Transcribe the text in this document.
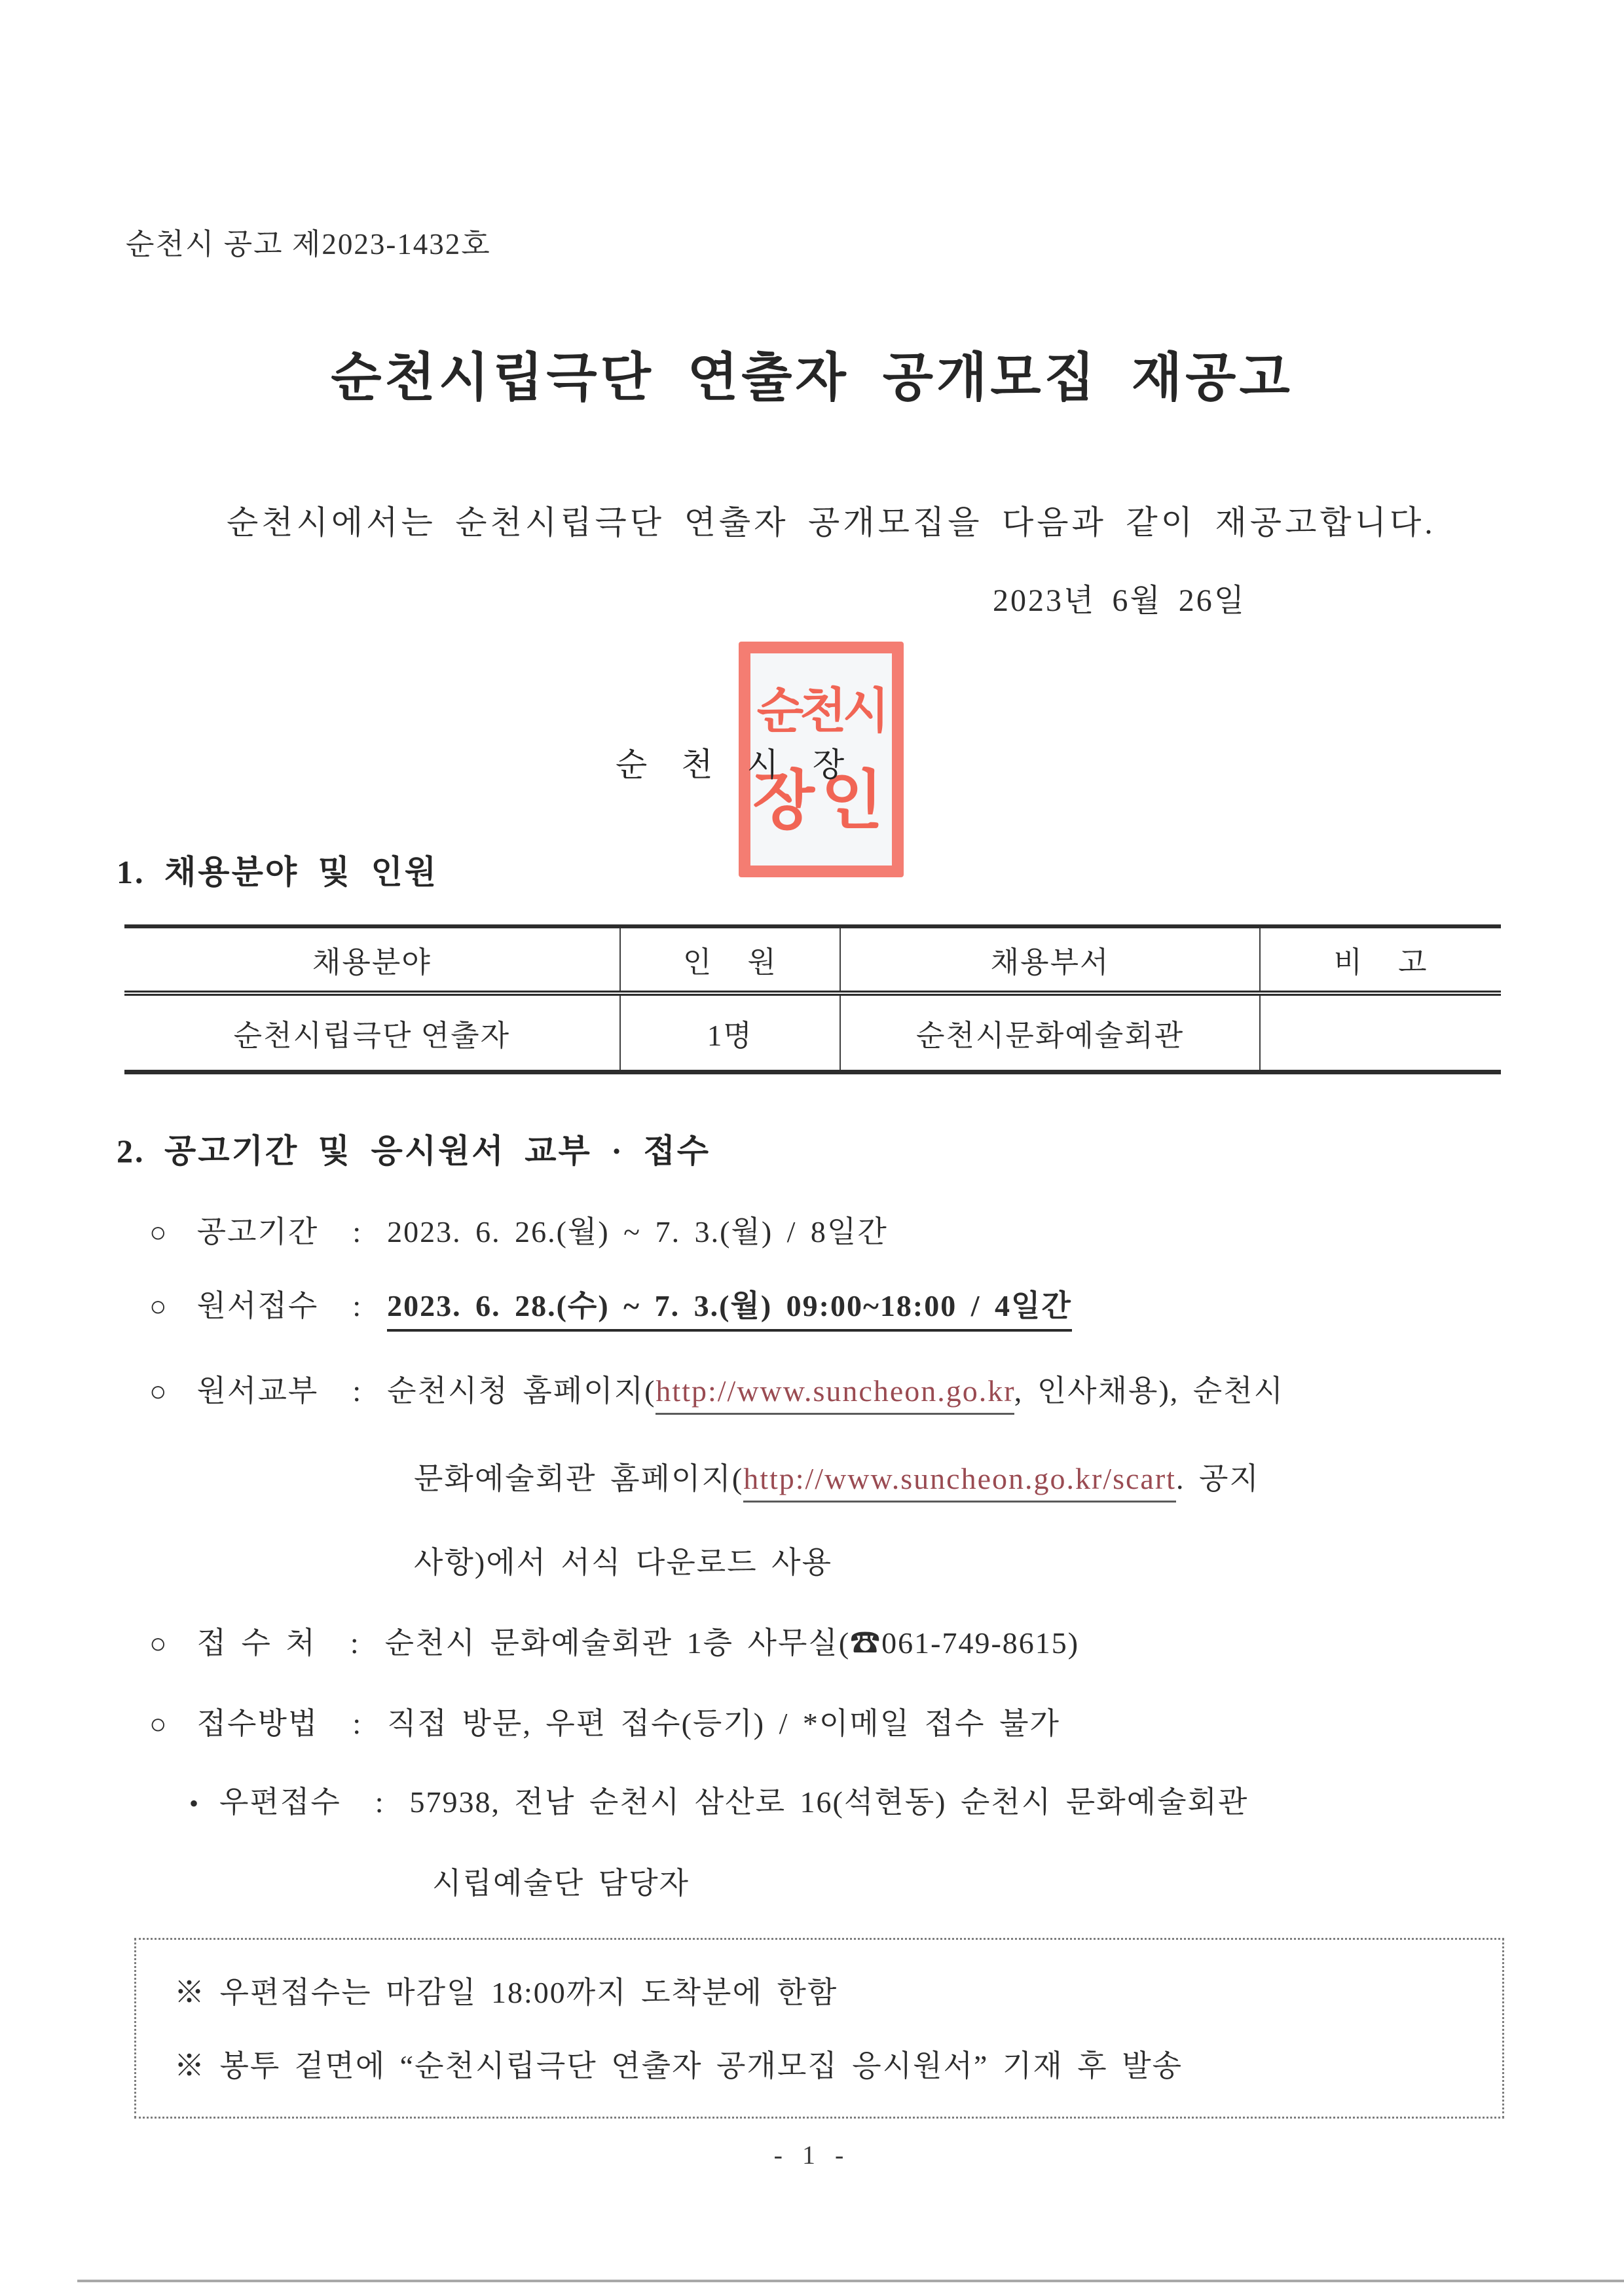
순천시 공고 제2023-1432호
순천시립극단 연출자 공개모집 재공고
순천시에서는 순천시립극단 연출자 공개모집을 다음과 같이 재공고합니다.
2023년 6월 26일
순천시장
순천시
장인
1. 채용분야 및 인원
채용분야	인    원	채용부서	비    고
순천시립극단 연출자	1명	순천시문화예술회관	
2. 공고기간 및 응시원서 교부 · 접수
○ 공고기간 : 2023. 6. 26.(월) ~ 7. 3.(월) / 8일간
○ 원서접수 : 2023. 6. 28.(수) ~ 7. 3.(월) 09:00~18:00 / 4일간
○ 원서교부 : 순천시청 홈페이지(http://www.suncheon.go.kr, 인사채용), 순천시
문화예술회관 홈페이지(http://www.suncheon.go.kr/scart. 공지
사항)에서 서식 다운로드 사용
○ 접 수 처 : 순천시 문화예술회관 1층 사무실(☎061-749-8615)
○ 접수방법 : 직접 방문, 우편 접수(등기) / *이메일 접수 불가
• 우편접수 : 57938, 전남 순천시 삼산로 16(석현동) 순천시 문화예술회관
시립예술단 담당자
※ 우편접수는 마감일 18:00까지 도착분에 한함
※ 봉투 겉면에 “순천시립극단 연출자 공개모집 응시원서” 기재 후 발송
- 1 -
